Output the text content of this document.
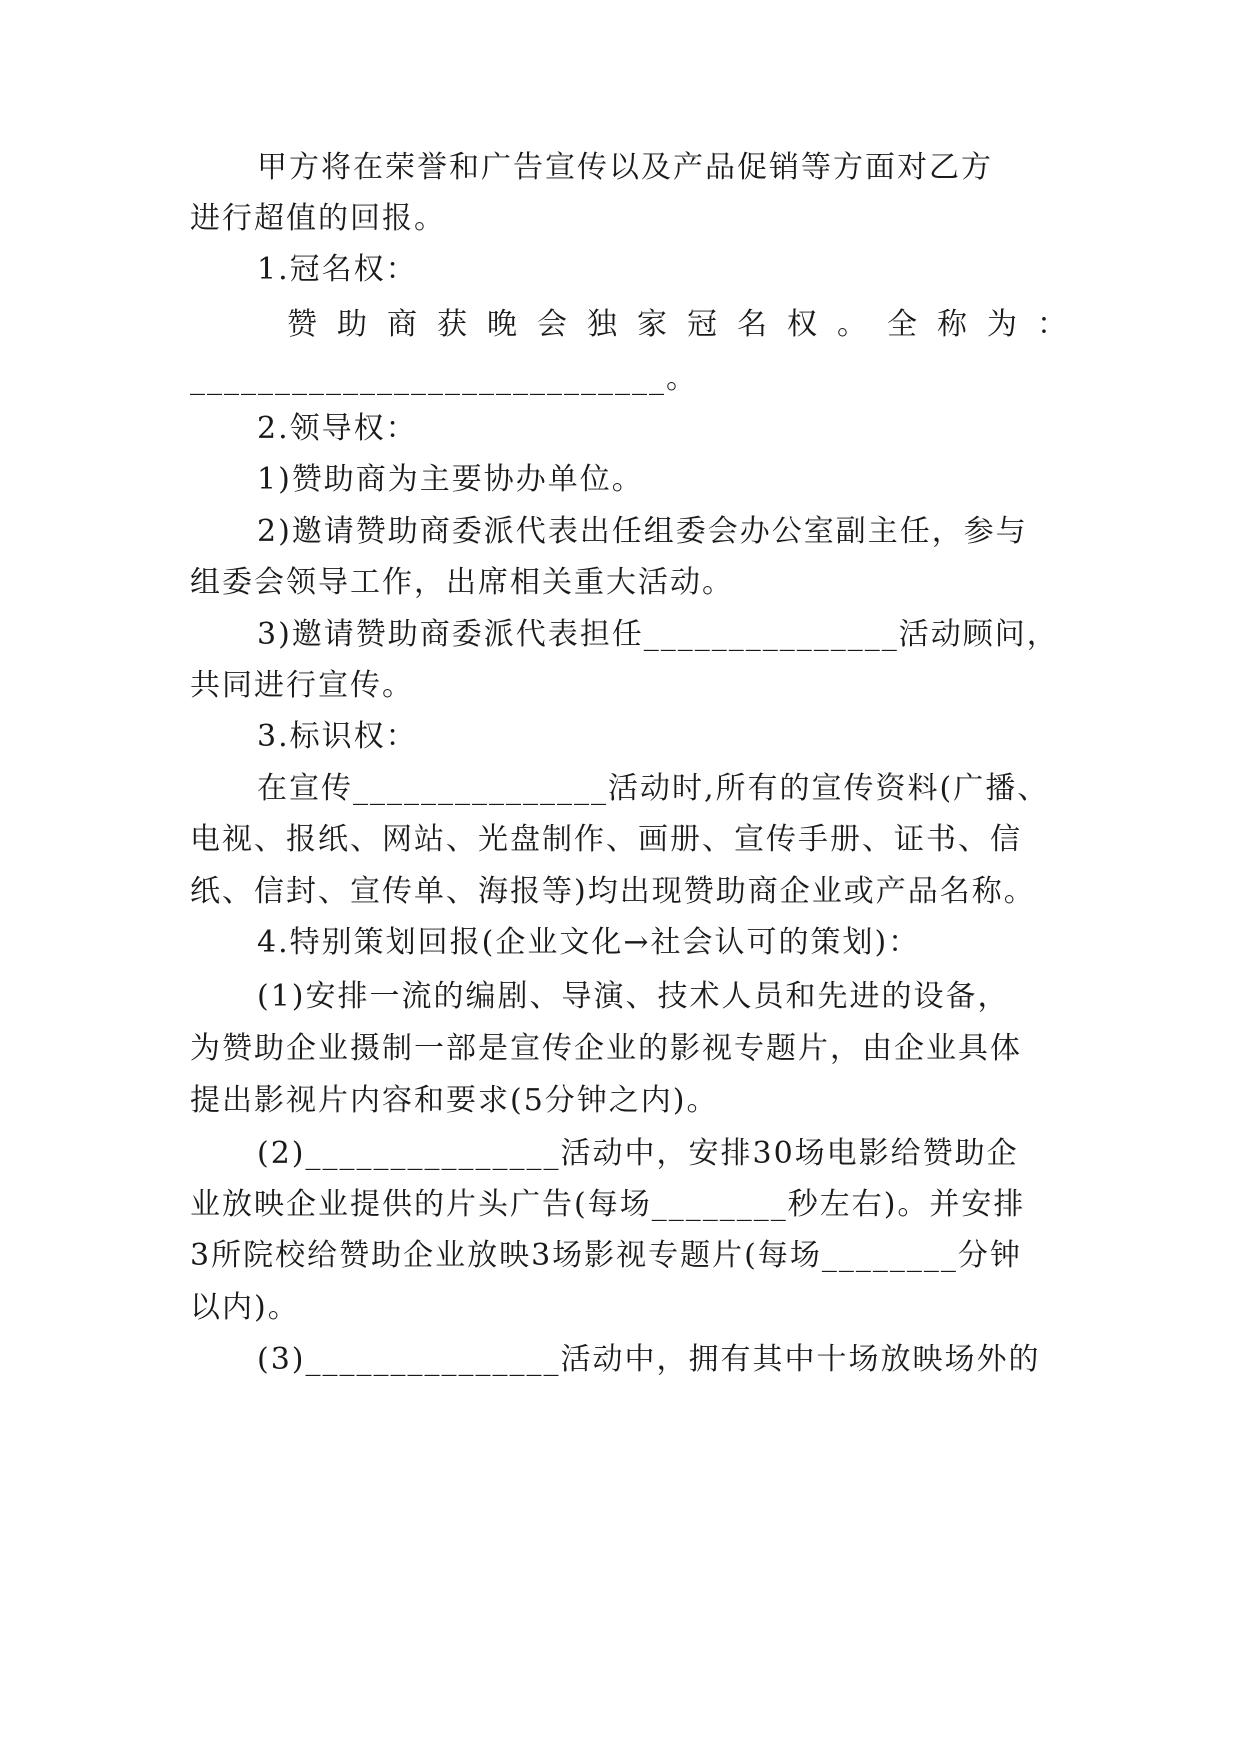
甲方将在荣誉和广告宣传以及产品促销等方面对乙方
进行超值的回报。
1.冠名权：
赞助商获晚会独家冠名权。全称为：
____________________________。
2.领导权：
1)赞助商为主要协办单位。
2)邀请赞助商委派代表出任组委会办公室副主任，参与
组委会领导工作，出席相关重大活动。
3)邀请赞助商委派代表担任_______________活动顾问，
共同进行宣传。
3.标识权：
在宣传_______________活动时,所有的宣传资料(广播、
电视、报纸、网站、光盘制作、画册、宣传手册、证书、信
纸、信封、宣传单、海报等)均出现赞助商企业或产品名称。
4.特别策划回报(企业文化→社会认可的策划)：
(1)安排一流的编剧、导演、技术人员和先进的设备，
为赞助企业摄制一部是宣传企业的影视专题片，由企业具体
提出影视片内容和要求(5分钟之内)。
(2)_______________活动中，安排30场电影给赞助企
业放映企业提供的片头广告(每场________秒左右)。并安排
3所院校给赞助企业放映3场影视专题片(每场________分钟
以内)。
(3)_______________活动中，拥有其中十场放映场外的
